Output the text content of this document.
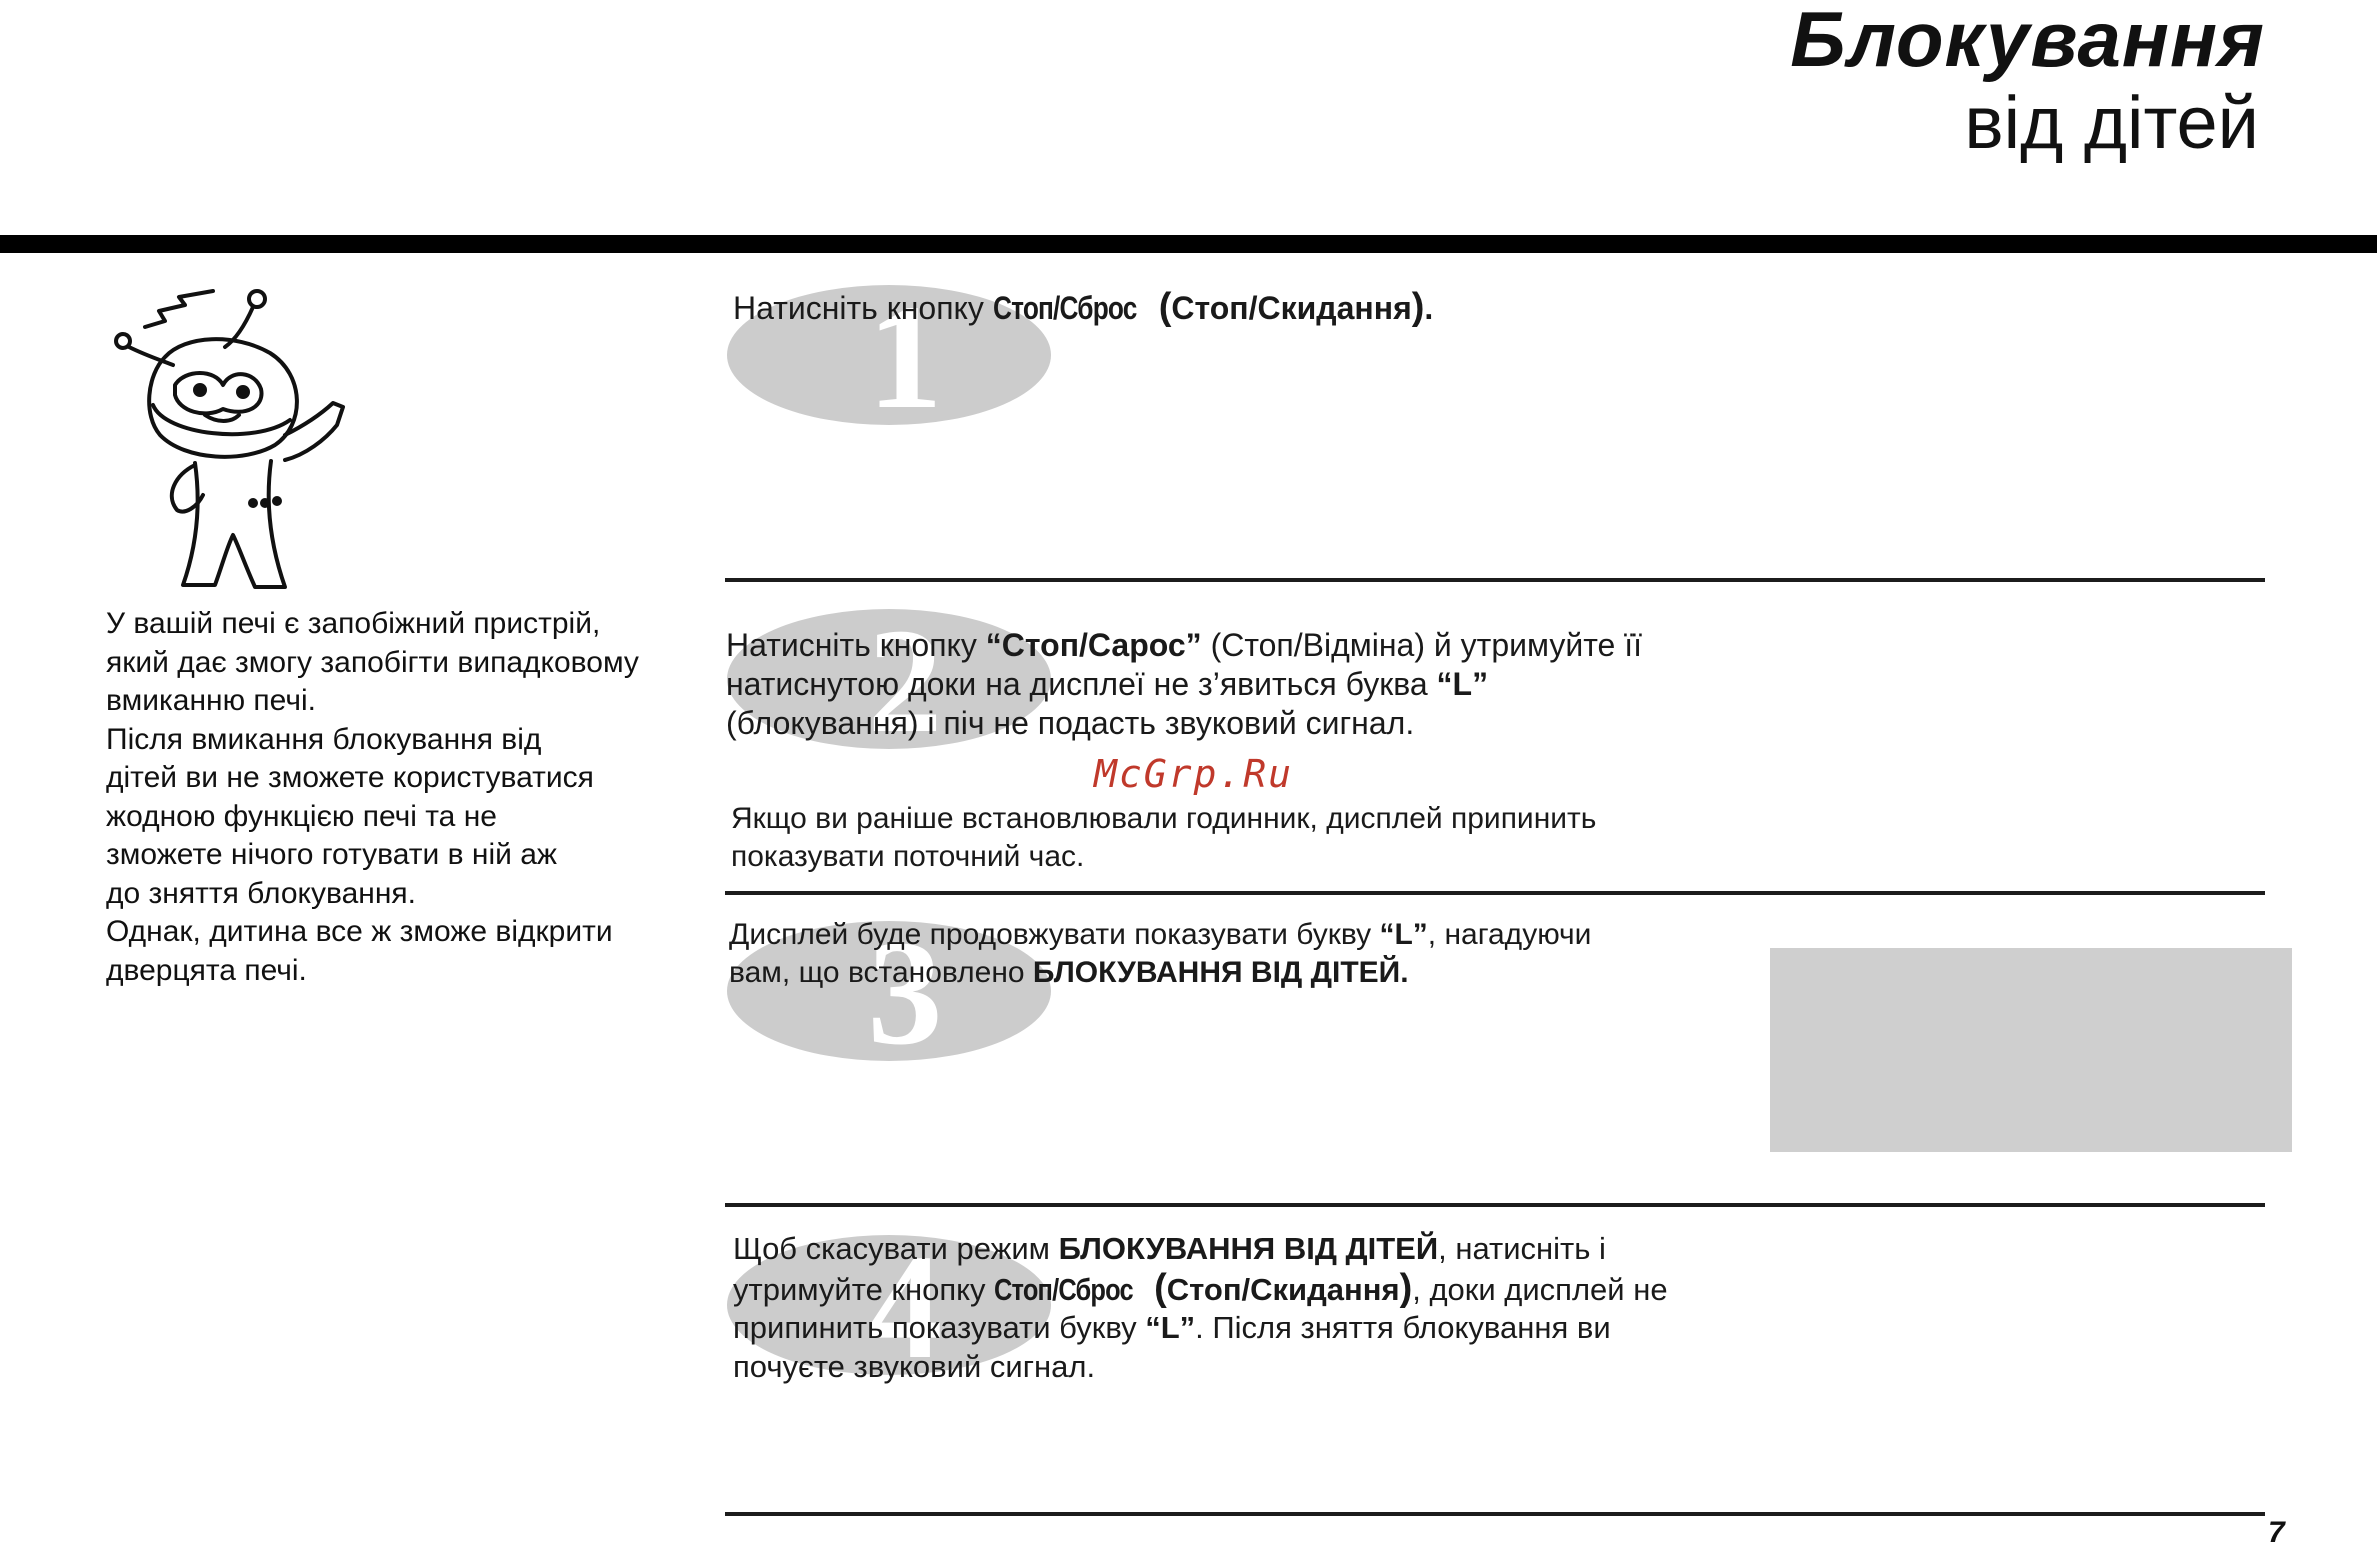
Блокування
від дітей
У вашій печі є запобіжний пристрій,
який дає змогу запобігти випадковому
вмиканню печі.
Після вмикання блокування від
дітей ви не зможете користуватися
жодною функцією печі та не
зможете нічого готувати в ній аж
до зняття блокування.
Однак, дитина все ж зможе відкрити
дверцята печі.
1
2
3
4
Натисніть кнопку Стоп/Сброс (Стоп/Скидання).
Натисніть кнопку “Стоп/Сарос” (Стоп/Відміна) й утримуйте її
натиснутою доки на дисплеї не з’явиться буква “L”
(блокування) і піч не подасть звуковий сигнал.
McGrp.Ru
Якщо ви раніше встановлювали годинник, дисплей припинить
показувати поточний час.
Дисплей буде продовжувати показувати букву “L”, нагадуючи
вам, що встановлено БЛОКУВАННЯ ВІД ДІТЕЙ.
Щоб скасувати режим БЛОКУВАННЯ ВІД ДІТЕЙ, натисніть і
утримуйте кнопку Стоп/Сброс (Стоп/Скидання), доки дисплей не
припинить показувати букву “L”. Після зняття блокування ви
почуєте звуковий сигнал.
7
